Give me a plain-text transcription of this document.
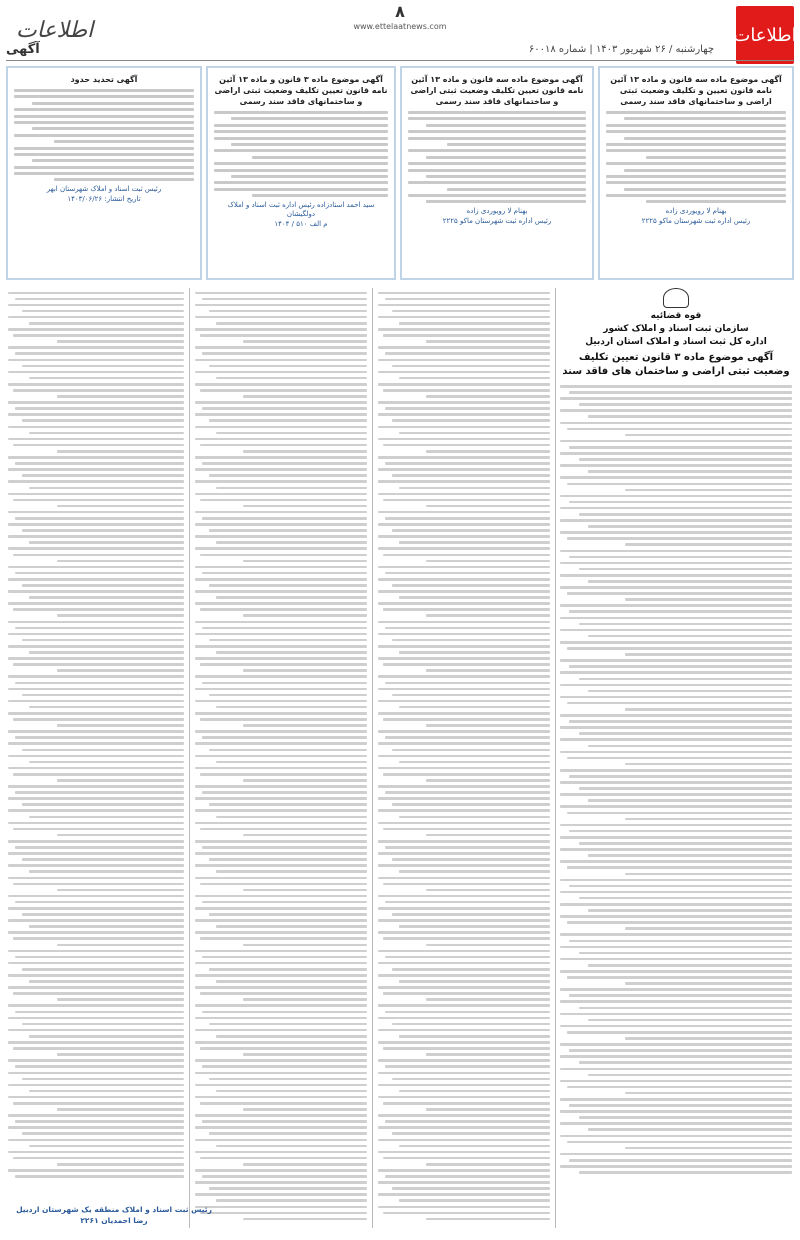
اطلاعات
۸
www.ettelaatnews.com
آگهی	چهارشنبه / ۲۶ شهریور ۱۴۰۳ | شماره ۶۰۰۱۸
اطلاعات
آگهی موضوع ماده سه قانون و ماده ۱۳ آئین نامه قانون تعیین و تکلیف وضعیت ثبتی اراضی و ساختمانهای فاقد سند رسمی
بهنام لا رویوردی زاده
رئیس اداره ثبت شهرستان ماکو ۲۲۲۵
آگهی موضوع ماده سه قانون و ماده ۱۳ آئین نامه قانون تعیین تکلیف وضعیت ثبتی اراضی و ساختمانهای فاقد سند رسمی
بهنام لا رویوردی زاده
رئیس اداره ثبت شهرستان ماکو ۲۲۲۵
آگهی موضوع ماده ۳ قانون و ماده ۱۳ آئین نامه قانون تعیین تکلیف وضعیت ثبتی اراضی و ساختمانهای فاقد سند رسمی
سید احمد استادزاده رئیس اداره ثبت اسناد و املاک دولگیشان
م الف ۵۱۰ / ۱۴۰۴
آگهی تحدید حدود
رئیس ثبت اسناد و املاک شهرستان ابهر
تاریخ انتشار: ۱۴۰۳/۰۶/۲۶
قوه قضائیه
سازمان ثبت اسناد و املاک کشور
اداره کل ثبت اسناد و املاک استان اردبیل
آگهی موضوع ماده ۳ قانون تعیین تکلیف وضعیت ثبتی اراضی و ساختمان های فاقد سند
رئیس ثبت اسناد و املاک منطقه یک شهرستان اردبیل
رضا احمدیان ۲۲۶۱
